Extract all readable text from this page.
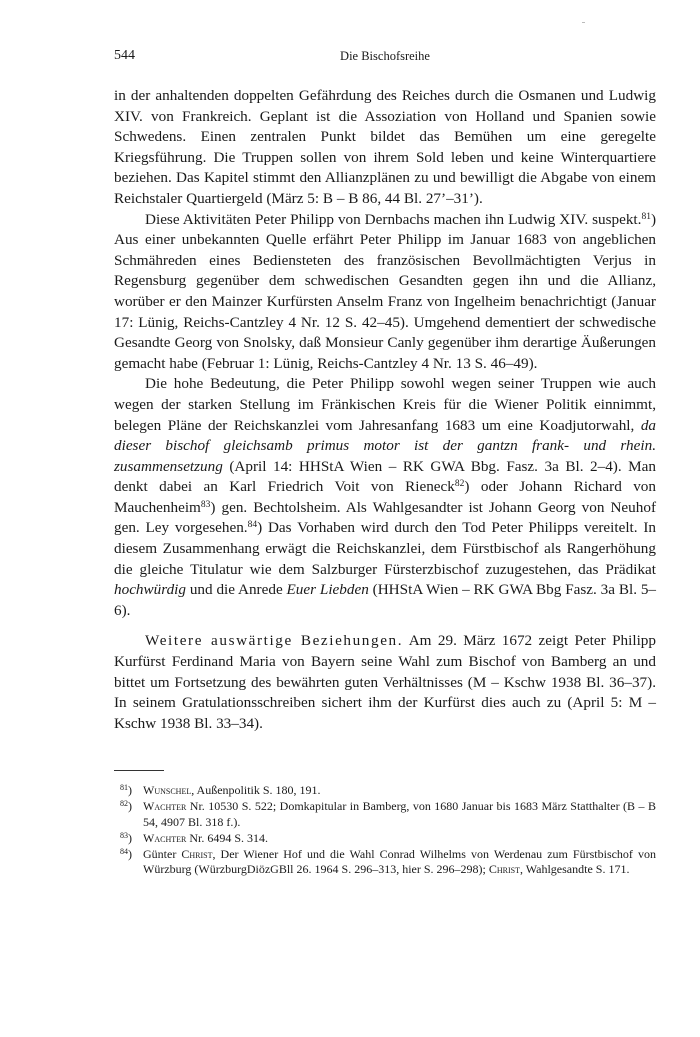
544	Die Bischofsreihe

in der anhaltenden doppelten Gefährdung des Reiches durch die Osmanen und Ludwig XIV. von Frankreich. Geplant ist die Assoziation von Holland und Spanien sowie Schwedens. Einen zentralen Punkt bildet das Bemühen um eine geregelte Kriegsführung. Die Truppen sollen von ihrem Sold leben und keine Winterquartiere beziehen. Das Kapitel stimmt den Allianzplänen zu und bewilligt die Abgabe von einem Reichstaler Quartiergeld (März 5: B – B 86, 44 Bl. 27’–31’).

Diese Aktivitäten Peter Philipp von Dernbachs machen ihn Ludwig XIV. suspekt.$^{81}$) Aus einer unbekannten Quelle erfährt Peter Philipp im Januar 1683 von angeblichen Schmähreden eines Bediensteten des französischen Bevollmächtigten Verjus in Regensburg gegenüber dem schwedischen Gesandten gegen ihn und die Allianz, worüber er den Mainzer Kurfürsten Anselm Franz von Ingelheim benachrichtigt (Januar 17: Lünig, Reichs-Cantzley 4 Nr. 12 S. 42–45). Umgehend dementiert der schwedische Gesandte Georg von Snolsky, daß Monsieur Canly gegenüber ihm derartige Äußerungen gemacht habe (Februar 1: Lünig, Reichs-Cantzley 4 Nr. 13 S. 46–49).

Die hohe Bedeutung, die Peter Philipp sowohl wegen seiner Truppen wie auch wegen der starken Stellung im Fränkischen Kreis für die Wiener Politik einnimmt, belegen Pläne der Reichskanzlei vom Jahresanfang 1683 um eine Koadjutorwahl, da dieser bischof gleichsamb primus motor ist der gantzn frank- und rhein. zusammensetzung (April 14: HHStA Wien – RK GWA Bbg. Fasz. 3a Bl. 2–4). Man denkt dabei an Karl Friedrich Voit von Rieneck$^{82}$) oder Johann Richard von Mauchenheim$^{83}$) gen. Bechtolsheim. Als Wahlgesandter ist Johann Georg von Neuhof gen. Ley vorgesehen.$^{84}$) Das Vorhaben wird durch den Tod Peter Philipps vereitelt. In diesem Zusammenhang erwägt die Reichskanzlei, dem Fürstbischof als Rangerhöhung die gleiche Titulatur wie dem Salzburger Fürsterzbischof zuzugestehen, das Prädikat hochwürdig und die Anrede Euer Liebden (HHStA Wien – RK GWA Bbg Fasz. 3a Bl. 5–6).

Weitere auswärtige Beziehungen. Am 29. März 1672 zeigt Peter Philipp Kurfürst Ferdinand Maria von Bayern seine Wahl zum Bischof von Bamberg an und bittet um Fortsetzung des bewährten guten Verhältnisses (M – Kschw 1938 Bl. 36–37). In seinem Gratulationsschreiben sichert ihm der Kurfürst dies auch zu (April 5: M – Kschw 1938 Bl. 33–34).

$^{81}$) Wunschel, Außenpolitik S. 180, 191.
$^{82}$) Wachter Nr. 10530 S. 522; Domkapitular in Bamberg, von 1680 Januar bis 1683 März Statthalter (B – B 54, 4907 Bl. 318 f.).
$^{83}$) Wachter Nr. 6494 S. 314.
$^{84}$) Günter Christ, Der Wiener Hof und die Wahl Conrad Wilhelms von Werdenau zum Fürstbischof von Würzburg (WürzburgDiözGBll 26. 1964 S. 296–313, hier S. 296–298); Christ, Wahlgesandte S. 171.
